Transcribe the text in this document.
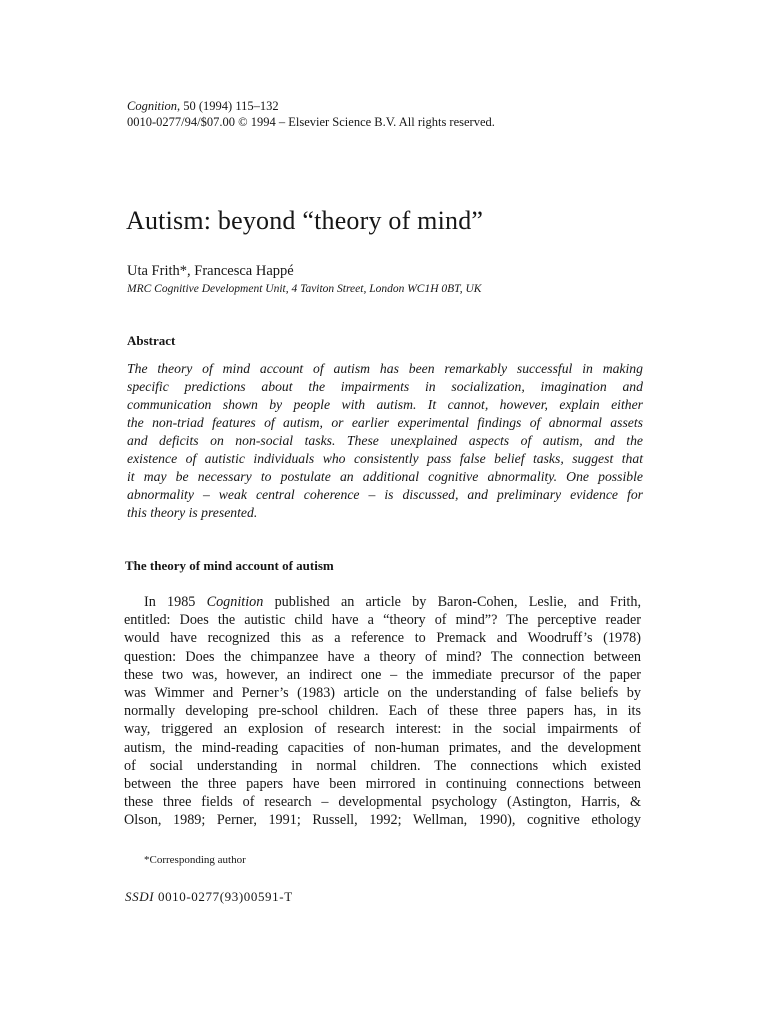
Cognition, 50 (1994) 115–132
0010-0277/94/$07.00 © 1994 – Elsevier Science B.V. All rights reserved.
Autism: beyond “theory of mind”
Uta Frith*, Francesca Happé
MRC Cognitive Development Unit, 4 Taviton Street, London WC1H 0BT, UK
Abstract
The theory of mind account of autism has been remarkably successful in making
specific predictions about the impairments in socialization, imagination and
communication shown by people with autism. It cannot, however, explain either
the non-triad features of autism, or earlier experimental findings of abnormal assets
and deficits on non-social tasks. These unexplained aspects of autism, and the
existence of autistic individuals who consistently pass false belief tasks, suggest that
it may be necessary to postulate an additional cognitive abnormality. One possible
abnormality – weak central coherence – is discussed, and preliminary evidence for
this theory is presented.
The theory of mind account of autism
In 1985 Cognition published an article by Baron-Cohen, Leslie, and Frith,
entitled: Does the autistic child have a “theory of mind”? The perceptive reader
would have recognized this as a reference to Premack and Woodruff’s (1978)
question: Does the chimpanzee have a theory of mind? The connection between
these two was, however, an indirect one – the immediate precursor of the paper
was Wimmer and Perner’s (1983) article on the understanding of false beliefs by
normally developing pre-school children. Each of these three papers has, in its
way, triggered an explosion of research interest: in the social impairments of
autism, the mind-reading capacities of non-human primates, and the development
of social understanding in normal children. The connections which existed
between the three papers have been mirrored in continuing connections between
these three fields of research – developmental psychology (Astington, Harris, &
Olson, 1989; Perner, 1991; Russell, 1992; Wellman, 1990), cognitive ethology
*Corresponding author
SSDI 0010-0277(93)00591-T
